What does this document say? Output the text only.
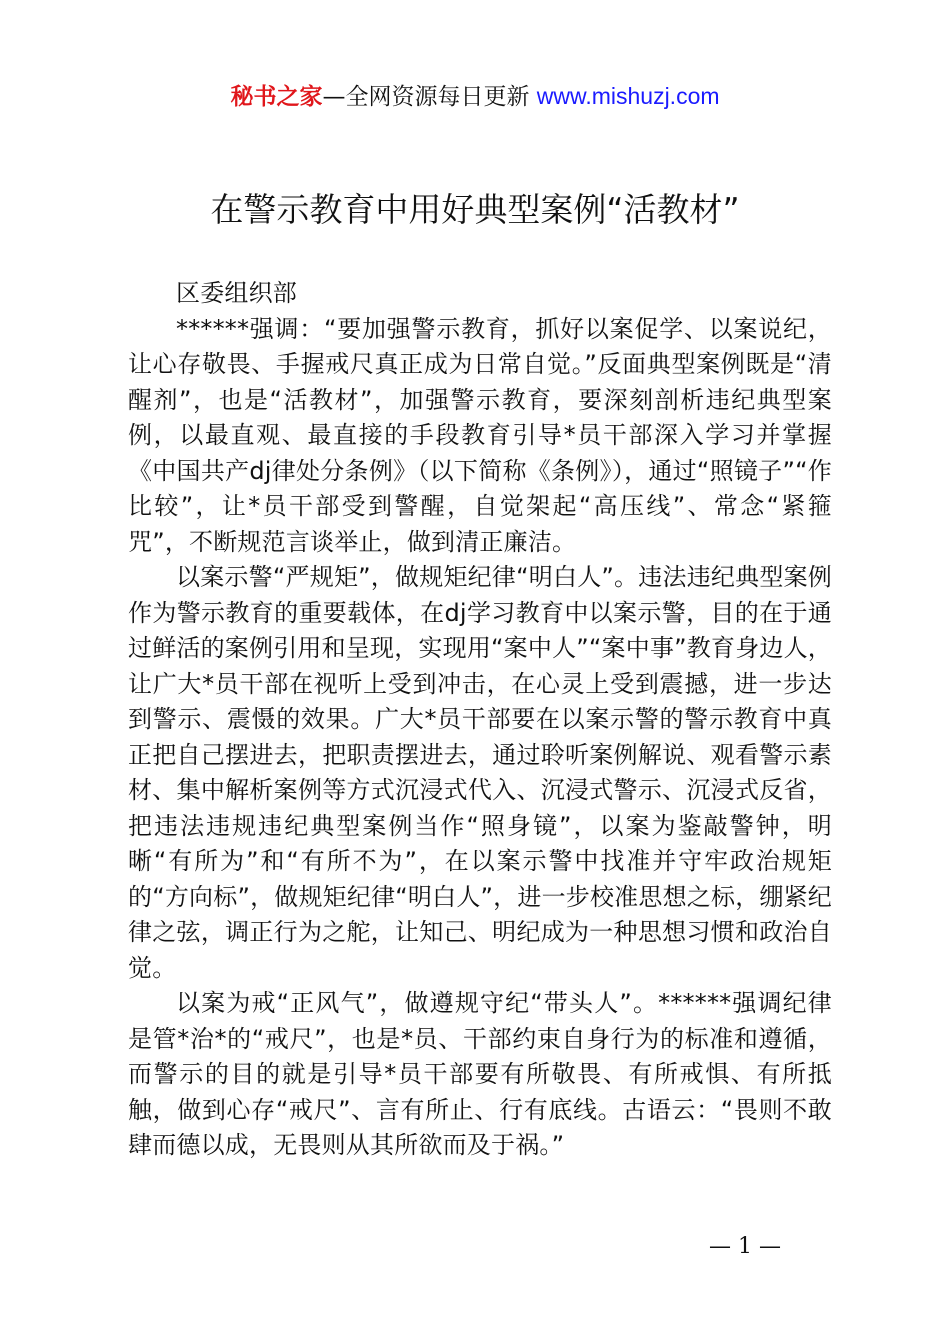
秘书之家—全网资源每日更新 www.mishuzj.com
在警示教育中用好典型案例“活教材”

区委组织部

******强调：“要加强警示教育，抓好以案促学、以案说纪，让心存敬畏、手握戒尺真正成为日常自觉。”反面典型案例既是“清醒剂”，也是“活教材”，加强警示教育，要深刻剖析违纪典型案例，以最直观、最直接的手段教育引导*员干部深入学习并掌握《中国共产dj律处分条例》（以下简称《条例》），通过“照镜子”“作比较”，让*员干部受到警醒，自觉架起“高压线”、常念“紧箍咒”，不断规范言谈举止，做到清正廉洁。

以案示警“严规矩”，做规矩纪律“明白人”。违法违纪典型案例作为警示教育的重要载体，在dj学习教育中以案示警，目的在于通过鲜活的案例引用和呈现，实现用“案中人”“案中事”教育身边人，让广大*员干部在视听上受到冲击，在心灵上受到震撼，进一步达到警示、震慑的效果。广大*员干部要在以案示警的警示教育中真正把自己摆进去，把职责摆进去，通过聆听案例解说、观看警示素材、集中解析案例等方式沉浸式代入、沉浸式警示、沉浸式反省，把违法违规违纪典型案例当作“照身镜”，以案为鉴敲警钟，明晰“有所为”和“有所不为”，在以案示警中找准并守牢政治规矩的“方向标”，做规矩纪律“明白人”，进一步校准思想之标，绷紧纪律之弦，调正行为之舵，让知己、明纪成为一种思想习惯和政治自觉。

以案为戒“正风气”，做遵规守纪“带头人”。******强调纪律是管*治*的“戒尺”，也是*员、干部约束自身行为的标准和遵循，而警示的目的就是引导*员干部要有所敬畏、有所戒惧、有所抵触，做到心存“戒尺”、言有所止、行有底线。古语云：“畏则不敢肆而德以成，无畏则从其所欲而及于祸。”

— 1 —
